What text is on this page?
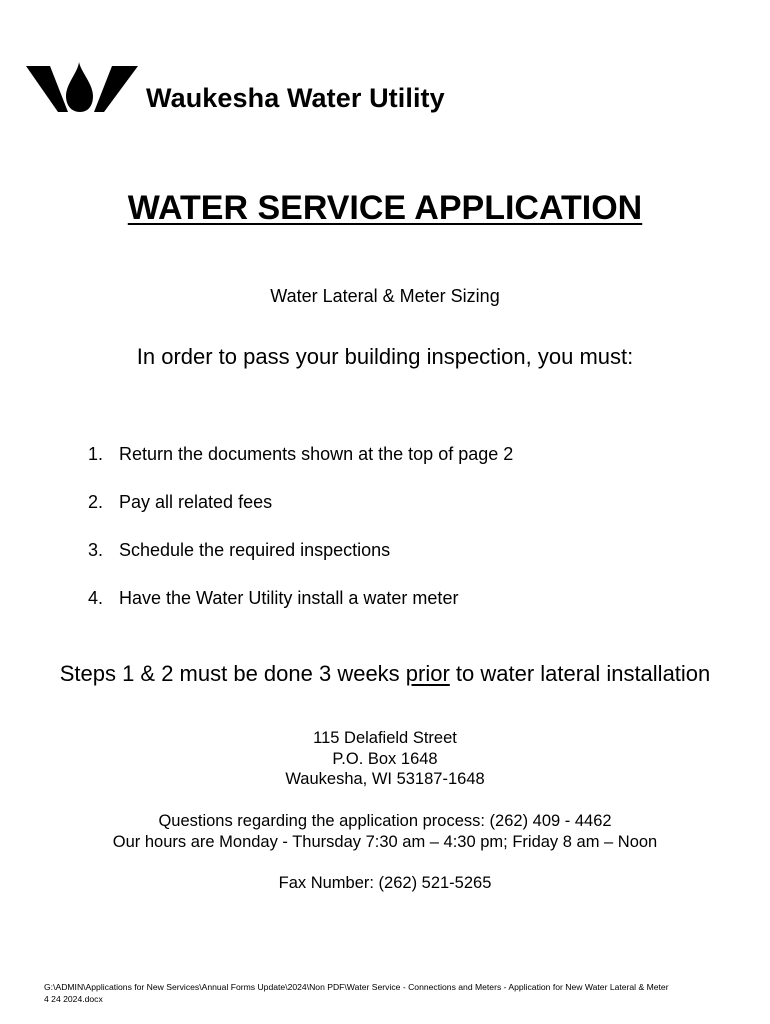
Waukesha Water Utility
WATER SERVICE APPLICATION
Water Lateral & Meter Sizing
In order to pass your building inspection, you must:
1. Return the documents shown at the top of page 2
2. Pay all related fees
3. Schedule the required inspections
4. Have the Water Utility install a water meter
Steps 1 & 2 must be done 3 weeks prior to water lateral installation
115 Delafield Street
P.O. Box 1648
Waukesha, WI 53187-1648
Questions regarding the application process: (262) 409 - 4462
Our hours are Monday - Thursday 7:30 am – 4:30 pm; Friday 8 am – Noon
Fax Number: (262) 521-5265
G:\ADMIN\Applications for New Services\Annual Forms Update\2024\Non PDF\Water Service - Connections and Meters - Application for New Water Lateral & Meter
4 24 2024.docx
